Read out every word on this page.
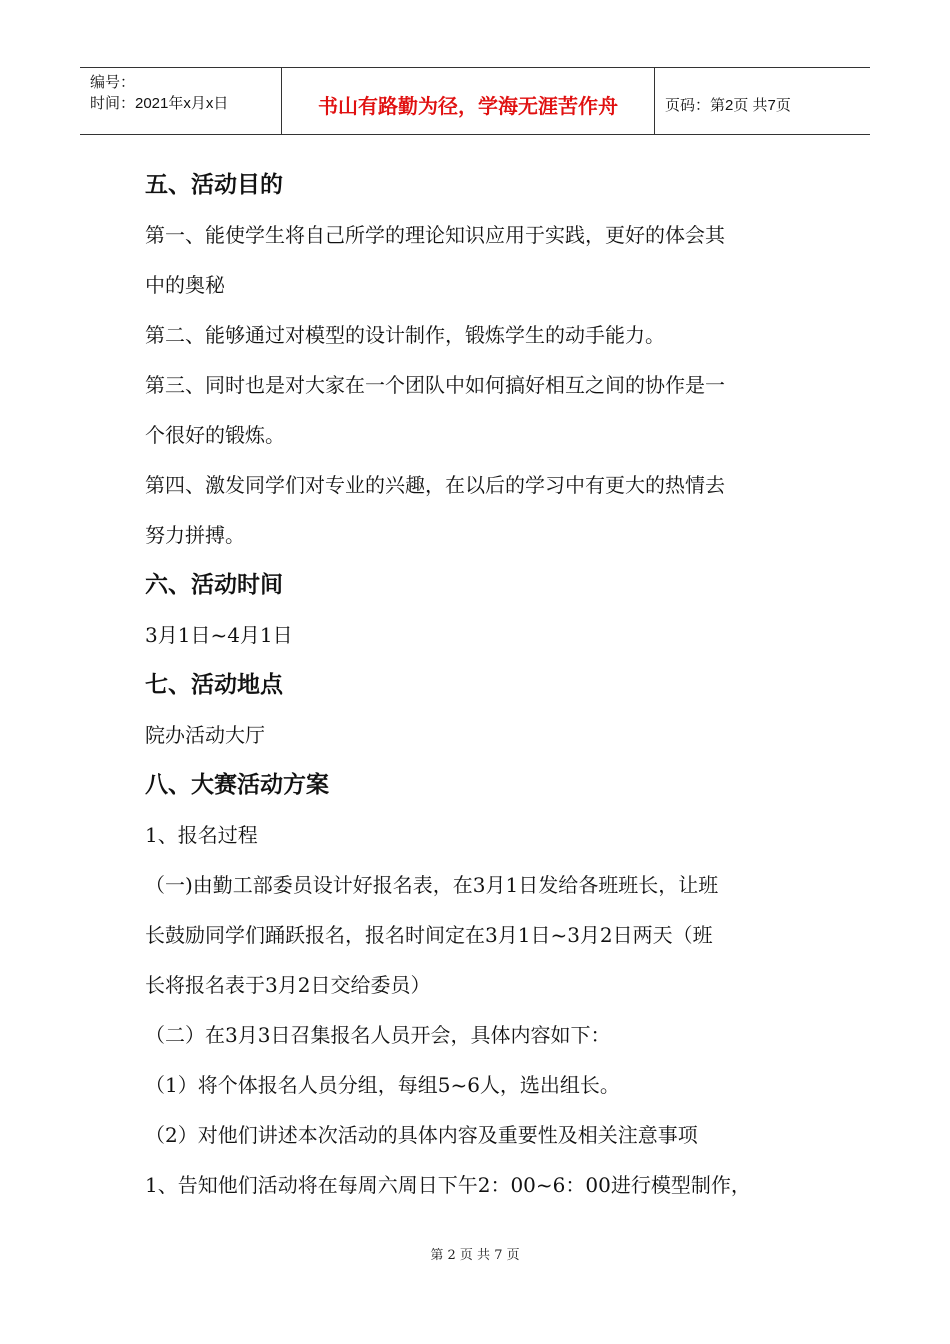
编号：
时间：2021年x月x日	书山有路勤为径，学海无涯苦作舟	页码：第2页 共7页
五、活动目的
第一、能使学生将自己所学的理论知识应用于实践，更好的体会其
中的奥秘
第二、能够通过对模型的设计制作，锻炼学生的动手能力。
第三、同时也是对大家在一个团队中如何搞好相互之间的协作是一
个很好的锻炼。
第四、激发同学们对专业的兴趣，在以后的学习中有更大的热情去
努力拼搏。
六、活动时间
3月1日~4月1日
七、活动地点
院办活动大厅
八、大赛活动方案
1、报名过程
（一)由勤工部委员设计好报名表，在3月1日发给各班班长，让班
长鼓励同学们踊跃报名，报名时间定在3月1日~3月2日两天（班
长将报名表于3月2日交给委员）
（二）在3月3日召集报名人员开会，具体内容如下：
（1）将个体报名人员分组，每组5~6人，选出组长。
（2）对他们讲述本次活动的具体内容及重要性及相关注意事项
1、告知他们活动将在每周六周日下午2：00~6：00进行模型制作，
第 2 页 共 7 页
